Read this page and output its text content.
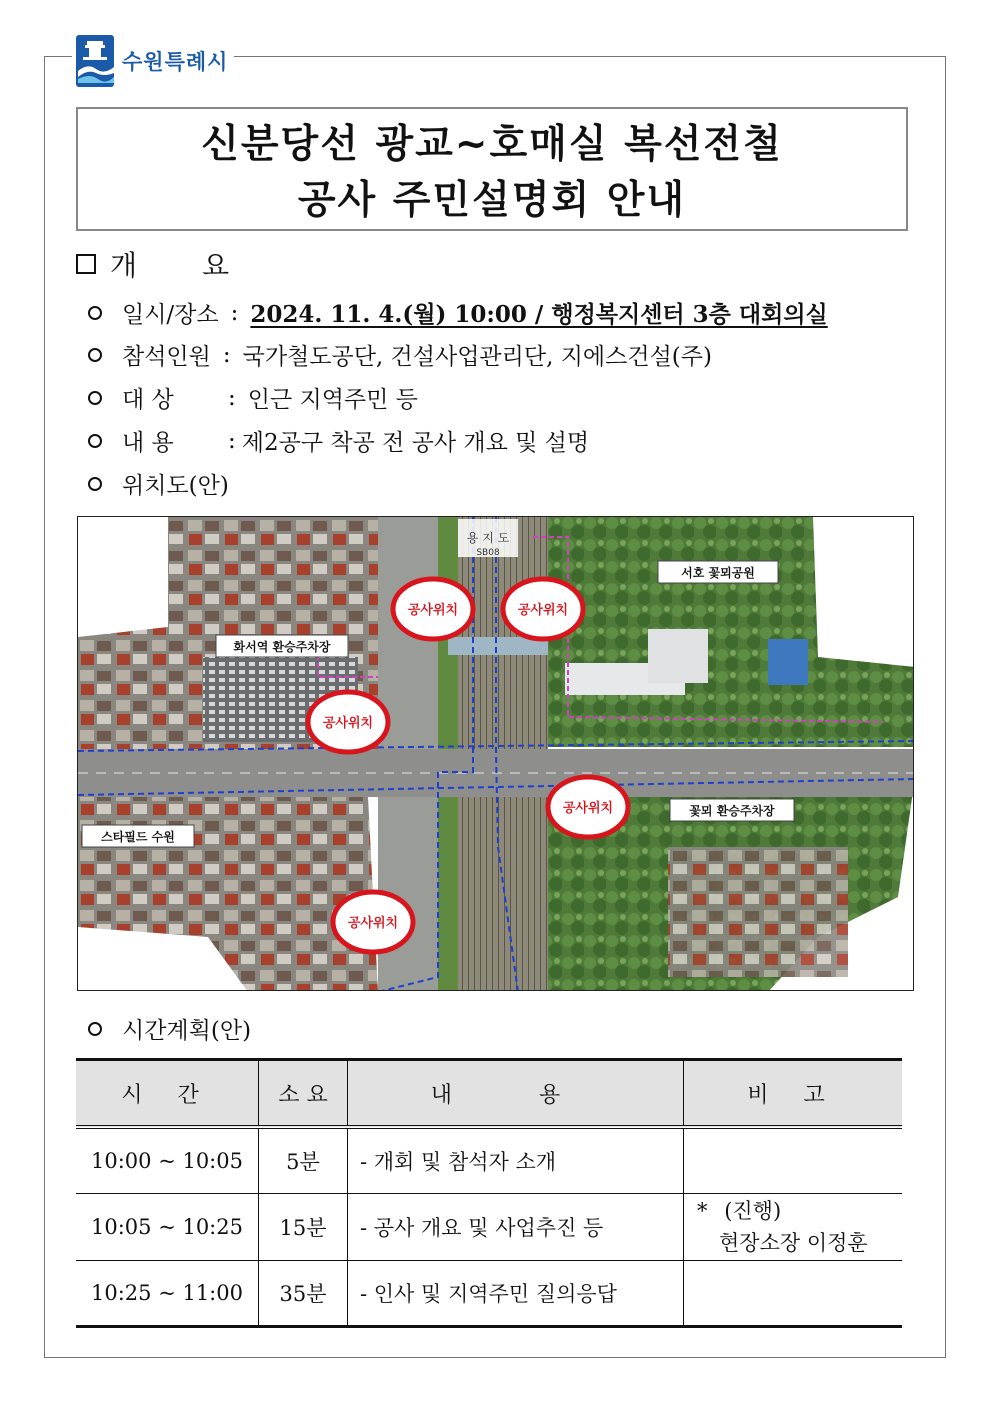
수원특례시
신분당선 광교~호매실 복선전철
공사 주민설명회 안내
개 요
일시/장소 : 2024. 11. 4.(월) 10:00 / 행정복지센터 3층 대회의실
참석인원 : 국가철도공단, 건설사업관리단, 지에스건설(주)
대 상	: 인근 지역주민 등
내 용	: 제2공구 착공 전 공사 개요 및 설명
위치도(안)
용 지 도
SB08
서호 꽃뫼공원
화서역 환승주차장
꽃뫼 환승주차장
스타필드 수원
공사위치	공사위치
공사위치
공사위치
공사위치
시간계획(안)
시 간	소 요	내 용	비 고
10:00 ~ 10:05	5분	- 개회 및 참석자 소개	
10:05 ~ 10:25	15분	- 공사 개요 및 사업추진 등	* (진행)
현장소장 이정훈

10:25 ~ 11:00	35분	- 인사 및 지역주민 질의응답	
